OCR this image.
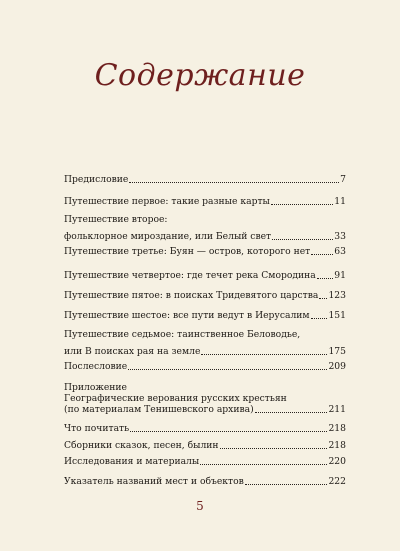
Содержание
Предисловие	7
Путешествие первое: такие разные карты	11
Путешествие второе:
фольклорное мироздание, или Белый свет	33
Путешествие третье: Буян — остров, которого нет	63
Путешествие четвертое: где течет река Смородина 91
Путешествие пятое: в поисках Тридевятого царства 123
Путешествие шестое: все пути ведут в Иерусалим 151
Путешествие седьмое: таинственное Беловодье,
или В поисках рая на земле	175
Послесловие	209
Приложение
Географические верования русских крестьян
(по материалам Тенишевского архива)	211
Что почитать	218
Сборники сказок, песен, былин	218
Исследования и материалы	220
Указатель названий мест и объектов	222
5
